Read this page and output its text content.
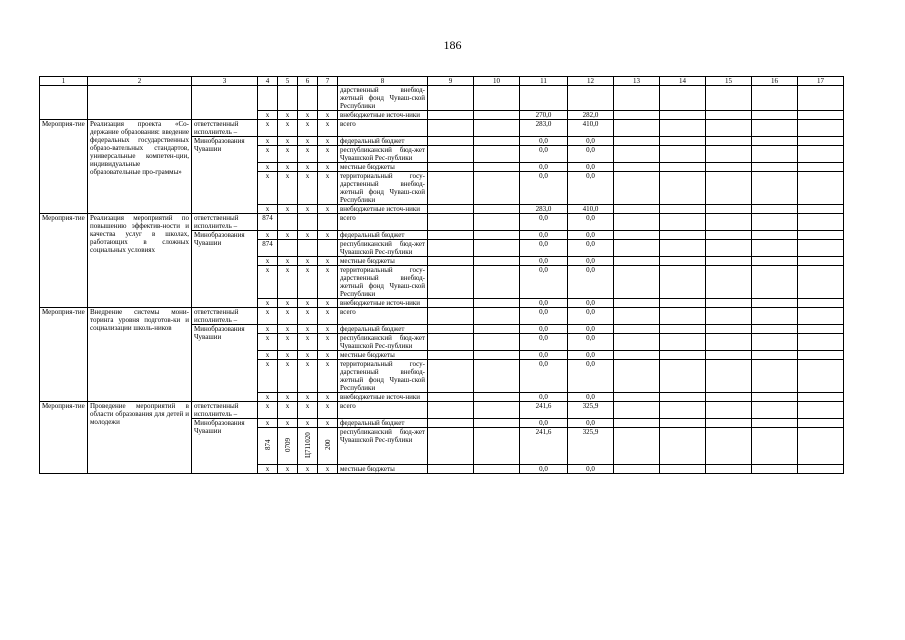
186
1	2	3	4	5	6	7	8	9	10	11	12	13	14	15	16	17
							дарственный внебюд-жетный фонд Чуваш-ской Республики									
			х	х	х	х	внебюджетные источ-ники			270,0	282,0					
Мероприя-тие	Реализация проекта «Со-держание образования: введение федеральных государственных образо-вательных стандартов, универсальные компетен-ции, индивидуальные образовательные про-граммы»	ответственный исполнитель –	х	х	х	х	всего			283,0	410,0					
		Минобразования Чувашии	х	х	х	х	федеральный бюджет			0,0	0,0					
			х	х	х	х	республиканский бюд-жет Чувашской Рес-публики			0,0	0,0					
			х	х	х	х	местные бюджеты			0,0	0,0					
			х	х	х	х	территориальный госу-дарственный внебюд-жетный фонд Чуваш-ской Республики			0,0	0,0					
			х	х	х	х	внебюджетные источ-ники			283,0	410,0					
Мероприя-тие	Реализация мероприятий по повышению эффектив-ности и качества услуг в школах, работающих в сложных социальных условиях	ответственный исполнитель –	874				всего			0,0	0,0					
		Минобразования Чувашии	х	х	х	х	федеральный бюджет			0,0	0,0					
			874				республиканский бюд-жет Чувашской Рес-публики			0,0	0,0					
			х	х	х	х	местные бюджеты			0,0	0,0					
			х	х	х	х	территориальный госу-дарственный внебюд-жетный фонд Чуваш-ской Республики			0,0	0,0					
			х	х	х	х	внебюджетные источ-ники			0,0	0,0					
Мероприя-тие	Внедрение системы мони-торинга уровня подготов-ки и социализации школь-ников	ответственный исполнитель –	х	х	х	х	всего			0,0	0,0					
		Минобразования Чувашии	х	х	х	х	федеральный бюджет			0,0	0,0					
			х	х	х	х	республиканский бюд-жет Чувашской Рес-публики			0,0	0,0					
			х	х	х	х	местные бюджеты			0,0	0,0					
			х	х	х	х	территориальный госу-дарственный внебюд-жетный фонд Чуваш-ской Республики			0,0	0,0					
			х	х	х	х	внебюджетные источ-ники			0,0	0,0					
Мероприя-тие	Проведение мероприятий в области образования для детей и молодежи	ответственный исполнитель –	х	х	х	х	всего			241,6	325,9					
		Минобразования Чувашии	х	х	х	х	федеральный бюджет			0,0	0,0					
			874	0709	Ц711020	200	республиканский бюд-жет Чувашской Рес-публики			241,6	325,9					
			х	х	х	х	местные бюджеты			0,0	0,0					
